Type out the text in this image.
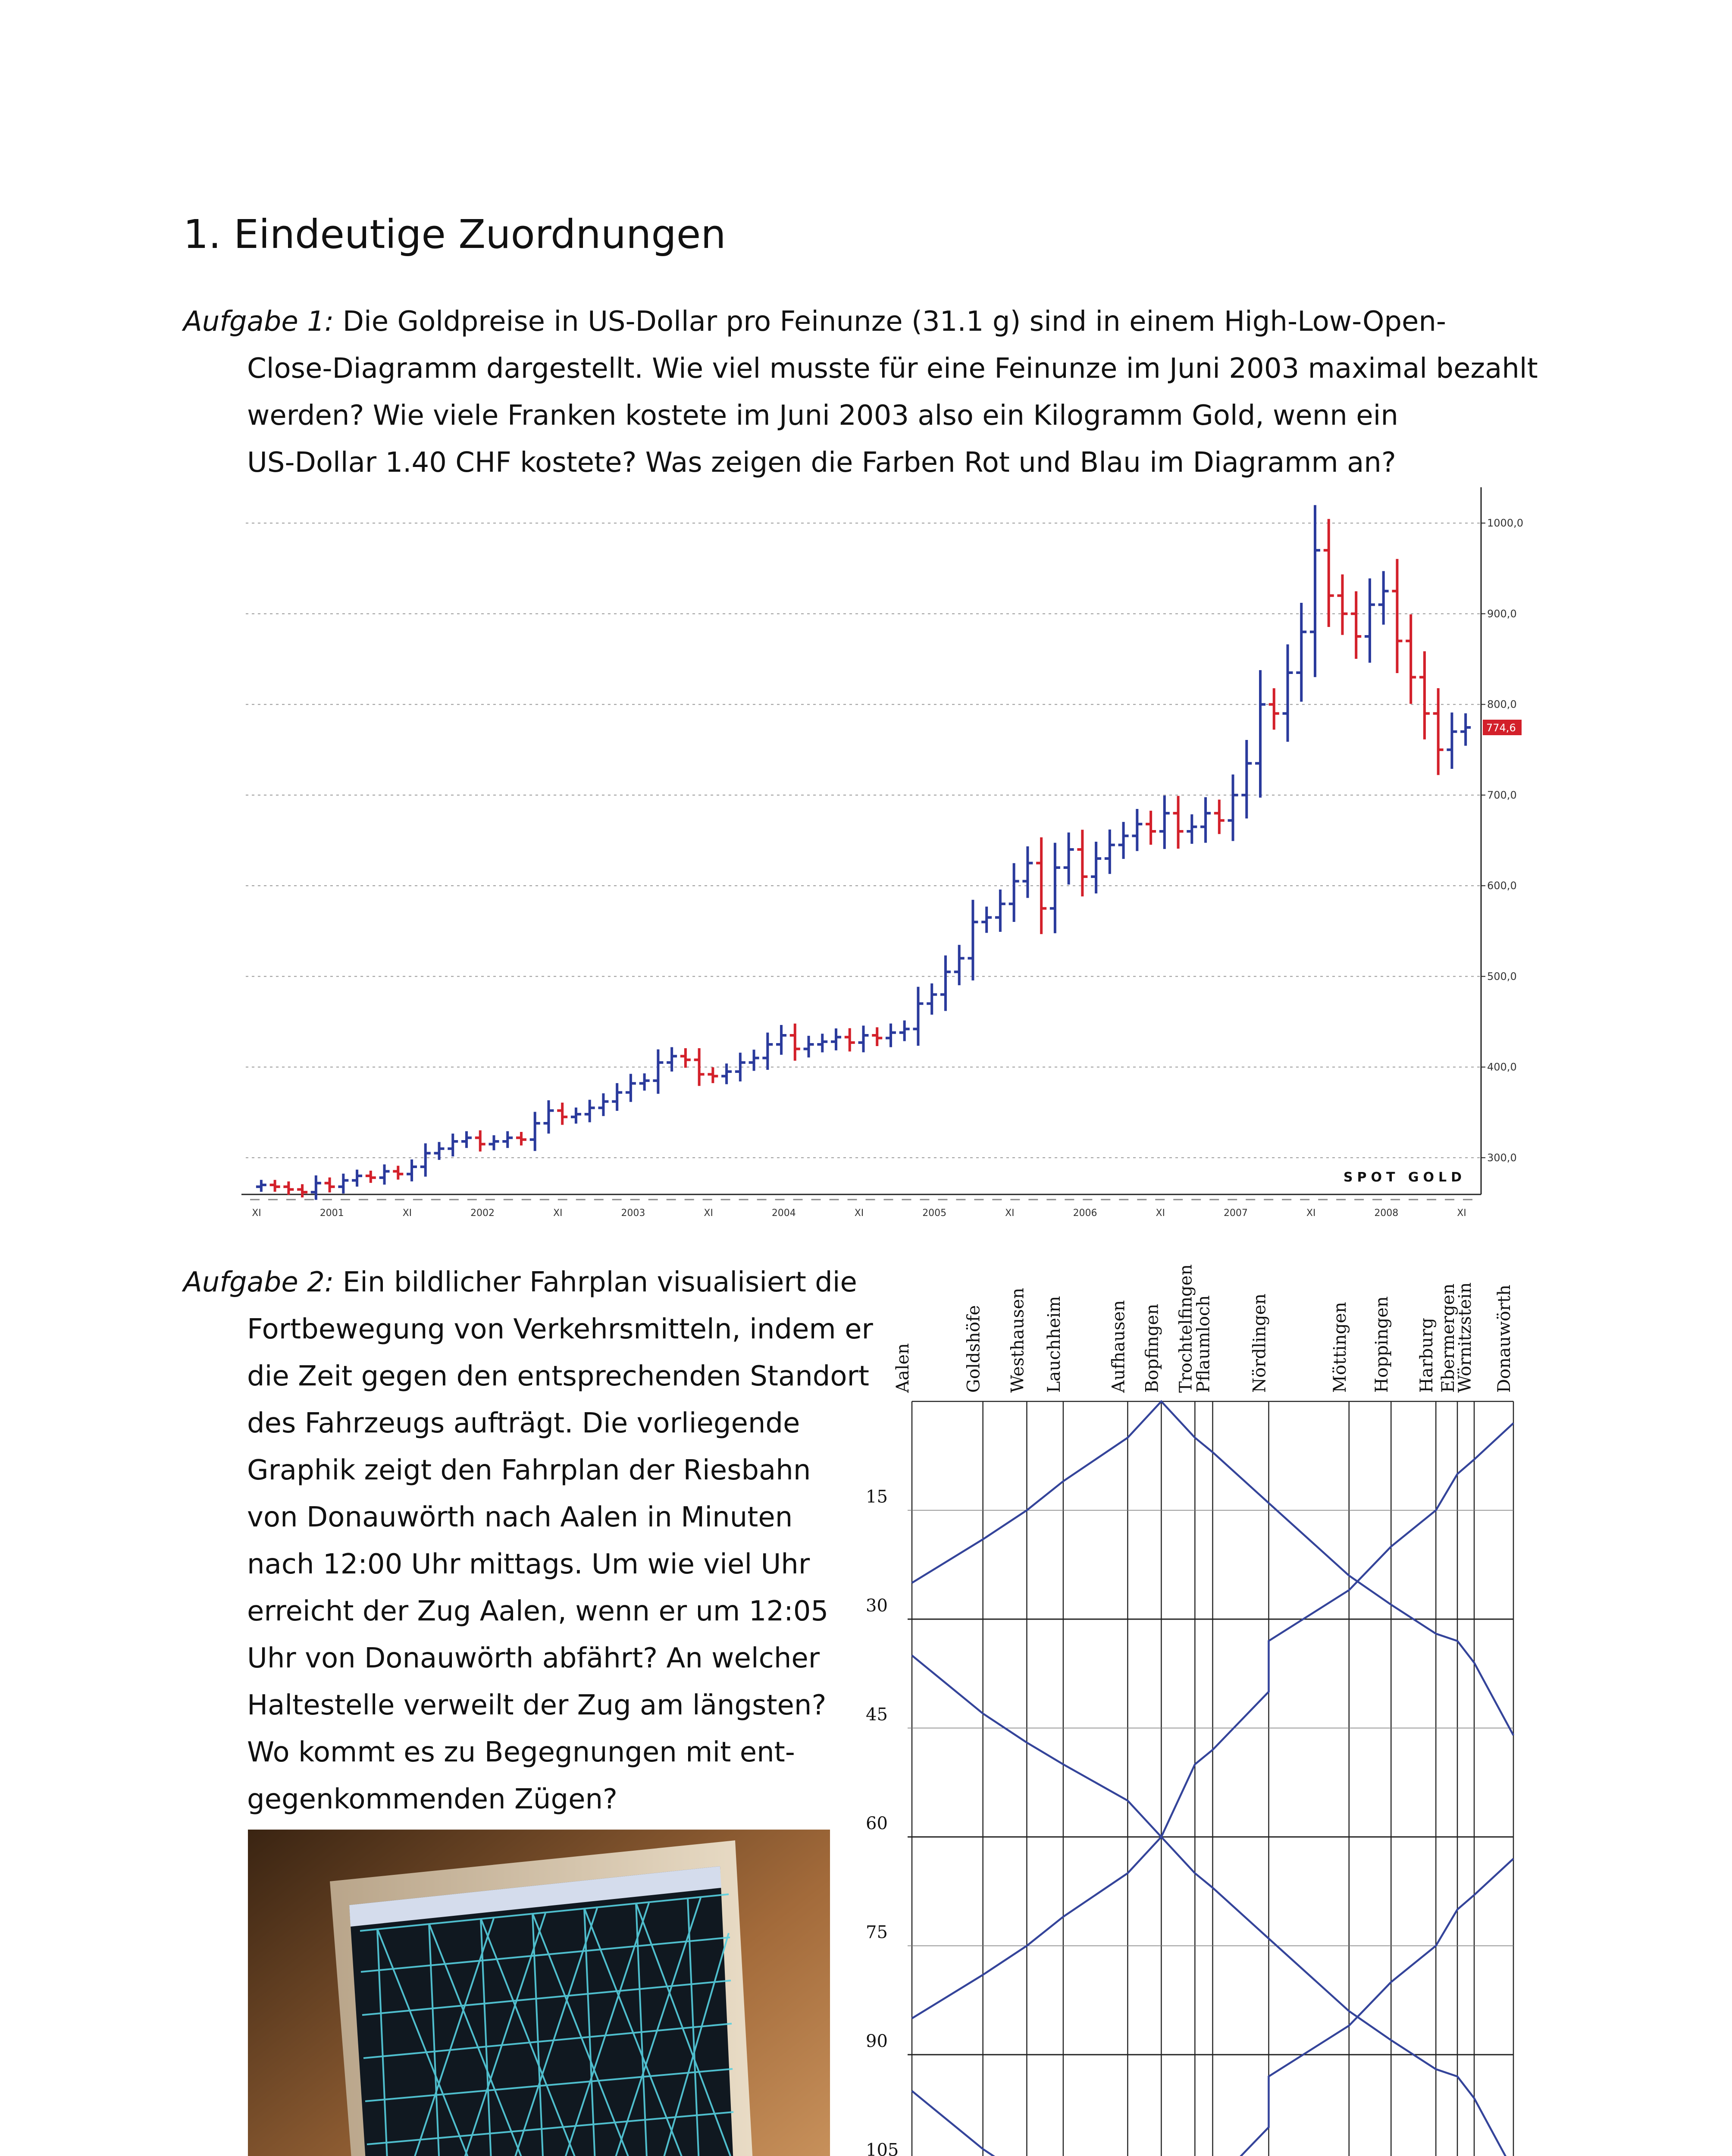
1. Eindeutige Zuordnungen
Aufgabe 1: Die Goldpreise in US-Dollar pro Feinunze (31.1 g) sind in einem High-Low-Open-
Close-Diagramm dargestellt. Wie viel musste für eine Feinunze im Juni 2003 maximal bezahlt
werden? Wie viele Franken kostete im Juni 2003 also ein Kilogramm Gold, wenn ein
US-Dollar 1.40 CHF kostete? Was zeigen die Farben Rot und Blau im Diagramm an?
300,0
400,0
500,0
600,0
700,0
800,0
900,0
1000,0
774,6
SPOT GOLD
XI	2001	XI	2002	XI	2003	XI	2004	XI	2005	XI	2006	XI	2007	XI	2008	XI
Aufgabe 2: Ein bildlicher Fahrplan visualisiert die
Fortbewegung von Verkehrsmitteln, indem er
die Zeit gegen den entsprechenden Standort
des Fahrzeugs aufträgt. Die vorliegende
Graphik zeigt den Fahrplan der Riesbahn
von Donauwörth nach Aalen in Minuten
nach 12:00 Uhr mittags. Um wie viel Uhr
erreicht der Zug Aalen, wenn er um 12:05
Uhr von Donauwörth abfährt? An welcher
Haltestelle verweilt der Zug am längsten?
Wo kommt es zu Begegnungen mit ent-
gegenkommenden Zügen?
Aalen	Goldshöfe Westhausen Lauchheim	Aufhausen Bopfingen Trochtelfingen
Pflaumloch Nördlingen	Möttingen Hoppingen Harburg Ebermergen
Wörnitzstein Donauwörth
15
30
45
60
75
90
105
